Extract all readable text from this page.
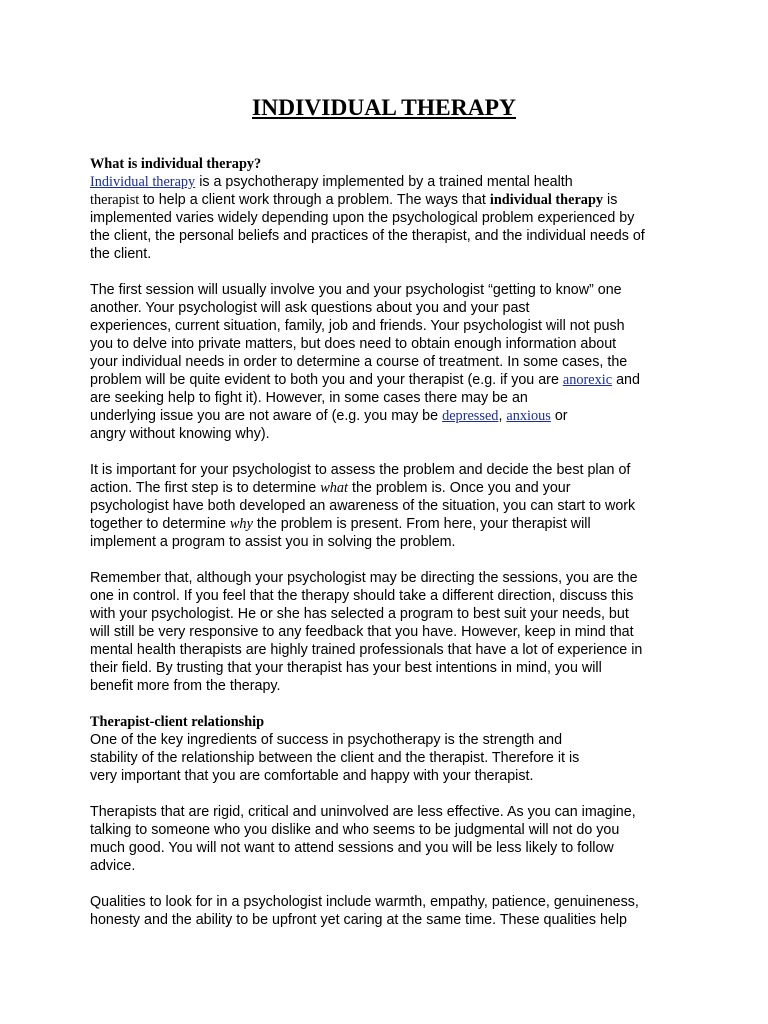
INDIVIDUAL THERAPY

What is individual therapy?

Individual therapy is a psychotherapy implemented by a trained mental health
therapist to help a client work through a problem. The ways that individual therapy is
implemented varies widely depending upon the psychological problem experienced by
the client, the personal beliefs and practices of the therapist, and the individual needs of
the client.

The first session will usually involve you and your psychologist “getting to know” one
another. Your psychologist will ask questions about you and your past
experiences, current situation, family, job and friends. Your psychologist will not push
you to delve into private matters, but does need to obtain enough information about
your individual needs in order to determine a course of treatment. In some cases, the
problem will be quite evident to both you and your therapist (e.g. if you are anorexic and
are seeking help to fight it). However, in some cases there may be an
underlying issue you are not aware of (e.g. you may be depressed, anxious or
angry without knowing why).

It is important for your psychologist to assess the problem and decide the best plan of
action. The first step is to determine what the problem is. Once you and your
psychologist have both developed an awareness of the situation, you can start to work
together to determine why the problem is present. From here, your therapist will
implement a program to assist you in solving the problem.

Remember that, although your psychologist may be directing the sessions, you are the
one in control. If you feel that the therapy should take a different direction, discuss this
with your psychologist. He or she has selected a program to best suit your needs, but
will still be very responsive to any feedback that you have. However, keep in mind that
mental health therapists are highly trained professionals that have a lot of experience in
their field. By trusting that your therapist has your best intentions in mind, you will
benefit more from the therapy.

Therapist-client relationship

One of the key ingredients of success in psychotherapy is the strength and
stability of the relationship between the client and the therapist. Therefore it is
very important that you are comfortable and happy with your therapist.

Therapists that are rigid, critical and uninvolved are less effective. As you can imagine,
talking to someone who you dislike and who seems to be judgmental will not do you
much good. You will not want to attend sessions and you will be less likely to follow
advice.

Qualities to look for in a psychologist include warmth, empathy, patience, genuineness,
honesty and the ability to be upfront yet caring at the same time. These qualities help
